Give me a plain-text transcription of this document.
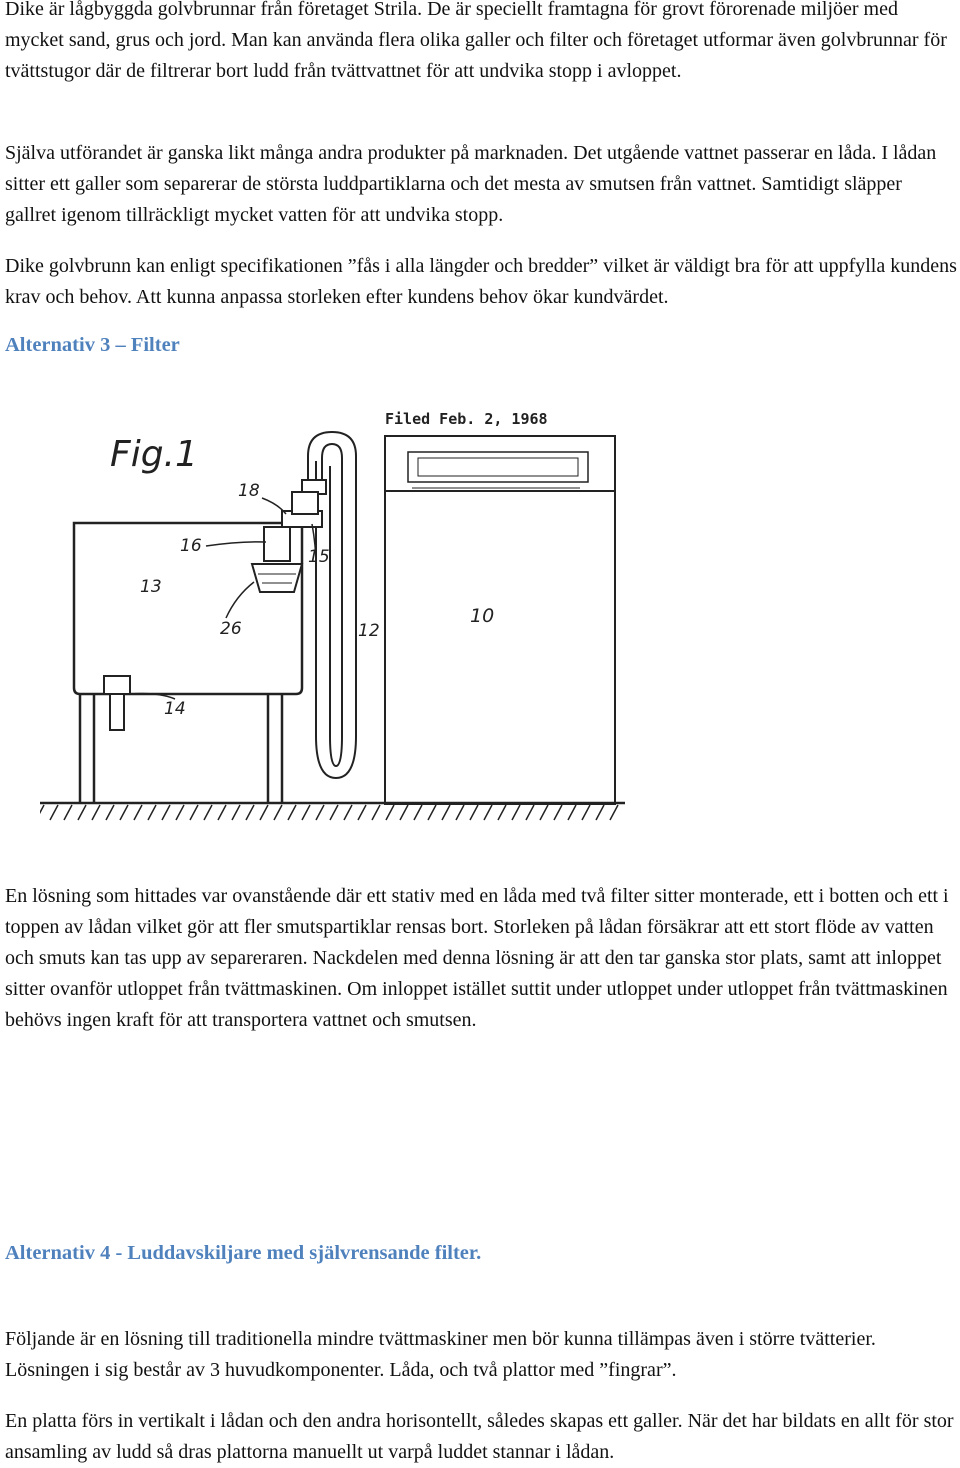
Dike är lågbyggda golvbrunnar från företaget Strila. De är speciellt framtagna för grovt förorenade miljöer med mycket sand, grus och jord. Man kan använda flera olika galler och filter och företaget utformar även golvbrunnar för tvättstugor där de filtrerar bort ludd från tvättvattnet för att undvika stopp i avloppet.

Själva utförandet är ganska likt många andra produkter på marknaden. Det utgående vattnet passerar en låda. I lådan sitter ett galler som separerar de största luddpartiklarna och det mesta av smutsen från vattnet. Samtidigt släpper gallret igenom tillräckligt mycket vatten för att undvika stopp.

Dike golvbrunn kan enligt specifikationen ”fås i alla längder och bredder” vilket är väldigt bra för att uppfylla kundens krav och behov. Att kunna anpassa storleken efter kundens behov ökar kundvärdet.

Alternativ 3 – Filter
Fig.1
Filed Feb. 2, 1968
18
16
15
13
26	12
10
14

En lösning som hittades var ovanstående där ett stativ med en låda med två filter sitter monterade, ett i botten och ett i toppen av lådan vilket gör att fler smutspartiklar rensas bort. Storleken på lådan försäkrar att ett stort flöde av vatten och smuts kan tas upp av separeraren. Nackdelen med denna lösning är att den tar ganska stor plats, samt att inloppet sitter ovanför utloppet från tvättmaskinen. Om inloppet istället suttit under utloppet under utloppet från tvättmaskinen behövs ingen kraft för att transportera vattnet och smutsen.

Alternativ 4 - Luddavskiljare med självrensande filter.

Följande är en lösning till traditionella mindre tvättmaskiner men bör kunna tillämpas även i större tvätterier. Lösningen i sig består av 3 huvudkomponenter. Låda, och två plattor med ”fingrar”.

En platta förs in vertikalt i lådan och den andra horisontellt, således skapas ett galler. När det har bildats en allt för stor ansamling av ludd så dras plattorna manuellt ut varpå luddet stannar i lådan.
